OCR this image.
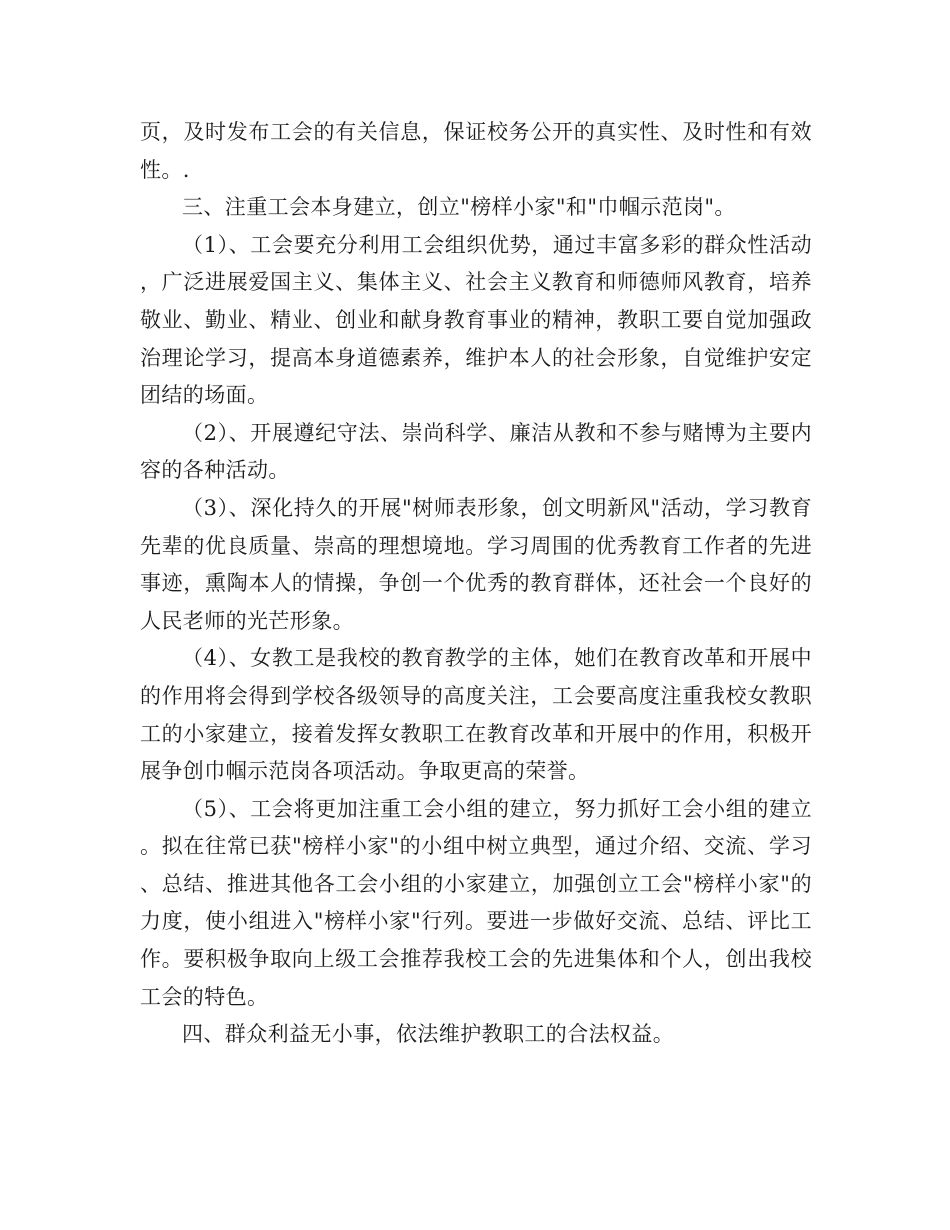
页，及时发布工会的有关信息，保证校务公开的真实性、及时性和有效性。.

三、注重工会本身建立，创立"榜样小家"和"巾帼示范岗"。

（1）、工会要充分利用工会组织优势，通过丰富多彩的群众性活动，广泛进展爱国主义、集体主义、社会主义教育和师德师风教育，培养敬业、勤业、精业、创业和献身教育事业的精神，教职工要自觉加强政治理论学习，提高本身道德素养，维护本人的社会形象，自觉维护安定团结的场面。

（2）、开展遵纪守法、崇尚科学、廉洁从教和不参与赌博为主要内容的各种活动。

（3）、深化持久的开展"树师表形象，创文明新风"活动，学习教育先辈的优良质量、崇高的理想境地。学习周围的优秀教育工作者的先进事迹，熏陶本人的情操，争创一个优秀的教育群体，还社会一个良好的人民老师的光芒形象。

（4）、女教工是我校的教育教学的主体，她们在教育改革和开展中的作用将会得到学校各级领导的高度关注，工会要高度注重我校女教职工的小家建立，接着发挥女教职工在教育改革和开展中的作用，积极开展争创巾帼示范岗各项活动。争取更高的荣誉。

（5）、工会将更加注重工会小组的建立，努力抓好工会小组的建立。拟在往常已获"榜样小家"的小组中树立典型，通过介绍、交流、学习、总结、推进其他各工会小组的小家建立，加强创立工会"榜样小家"的力度，使小组进入"榜样小家"行列。要进一步做好交流、总结、评比工作。要积极争取向上级工会推荐我校工会的先进集体和个人，创出我校工会的特色。

四、群众利益无小事，依法维护教职工的合法权益。
